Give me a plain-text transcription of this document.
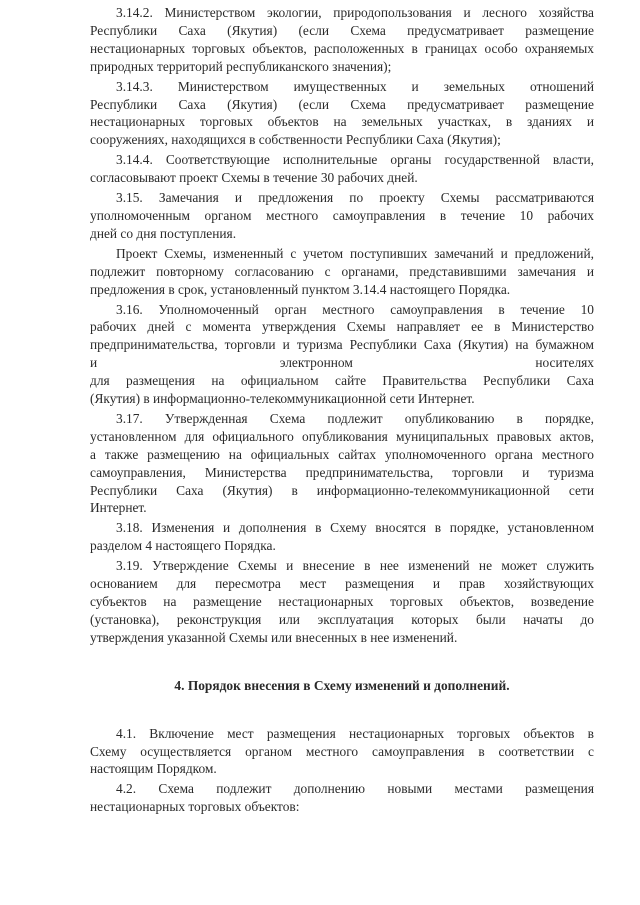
3.14.2. Министерством экологии, природопользования и лесного хозяйства
Республики Саха (Якутия) (если Схема предусматривает размещение
нестационарных торговых объектов, расположенных в границах особо охраняемых
природных территорий республиканского значения);
3.14.3. Министерством имущественных и земельных отношений
Республики Саха (Якутия) (если Схема предусматривает размещение
нестационарных торговых объектов на земельных участках, в зданиях и
сооружениях, находящихся в собственности Республики Саха (Якутия);
3.14.4. Соответствующие исполнительные органы государственной власти,
согласовывают проект Схемы в течение 30 рабочих дней.
3.15. Замечания и предложения по проекту Схемы рассматриваются
уполномоченным органом местного самоуправления в течение 10 рабочих
дней со дня поступления.
Проект Схемы, измененный с учетом поступивших замечаний и предложений,
подлежит повторному согласованию с органами, представившими замечания и
предложения в срок, установленный пунктом 3.14.4 настоящего Порядка.
3.16. Уполномоченный орган местного самоуправления в течение 10
рабочих дней с момента утверждения Схемы направляет ее в Министерство
предпринимательства, торговли и туризма Республики Саха (Якутия) на бумажном
и электронном носителях
для размещения на официальном сайте Правительства Республики Саха
(Якутия) в информационно-телекоммуникационной сети Интернет.
3.17. Утвержденная Схема подлежит опубликованию в порядке,
установленном для официального опубликования муниципальных правовых актов,
а также размещению на официальных сайтах уполномоченного органа местного
самоуправления, Министерства предпринимательства, торговли и туризма
Республики Саха (Якутия) в информационно-телекоммуникационной сети
Интернет.
3.18. Изменения и дополнения в Схему вносятся в порядке, установленном
разделом 4 настоящего Порядка.
3.19. Утверждение Схемы и внесение в нее изменений не может служить
основанием для пересмотра мест размещения и прав хозяйствующих
субъектов на размещение нестационарных торговых объектов, возведение
(установка), реконструкция или эксплуатация которых были начаты до
утверждения указанной Схемы или внесенных в нее изменений.
4. Порядок внесения в Схему изменений и дополнений.
4.1. Включение мест размещения нестационарных торговых объектов в
Схему осуществляется органом местного самоуправления в соответствии с
настоящим Порядком.
4.2. Схема подлежит дополнению новыми местами размещения
нестационарных торговых объектов:
